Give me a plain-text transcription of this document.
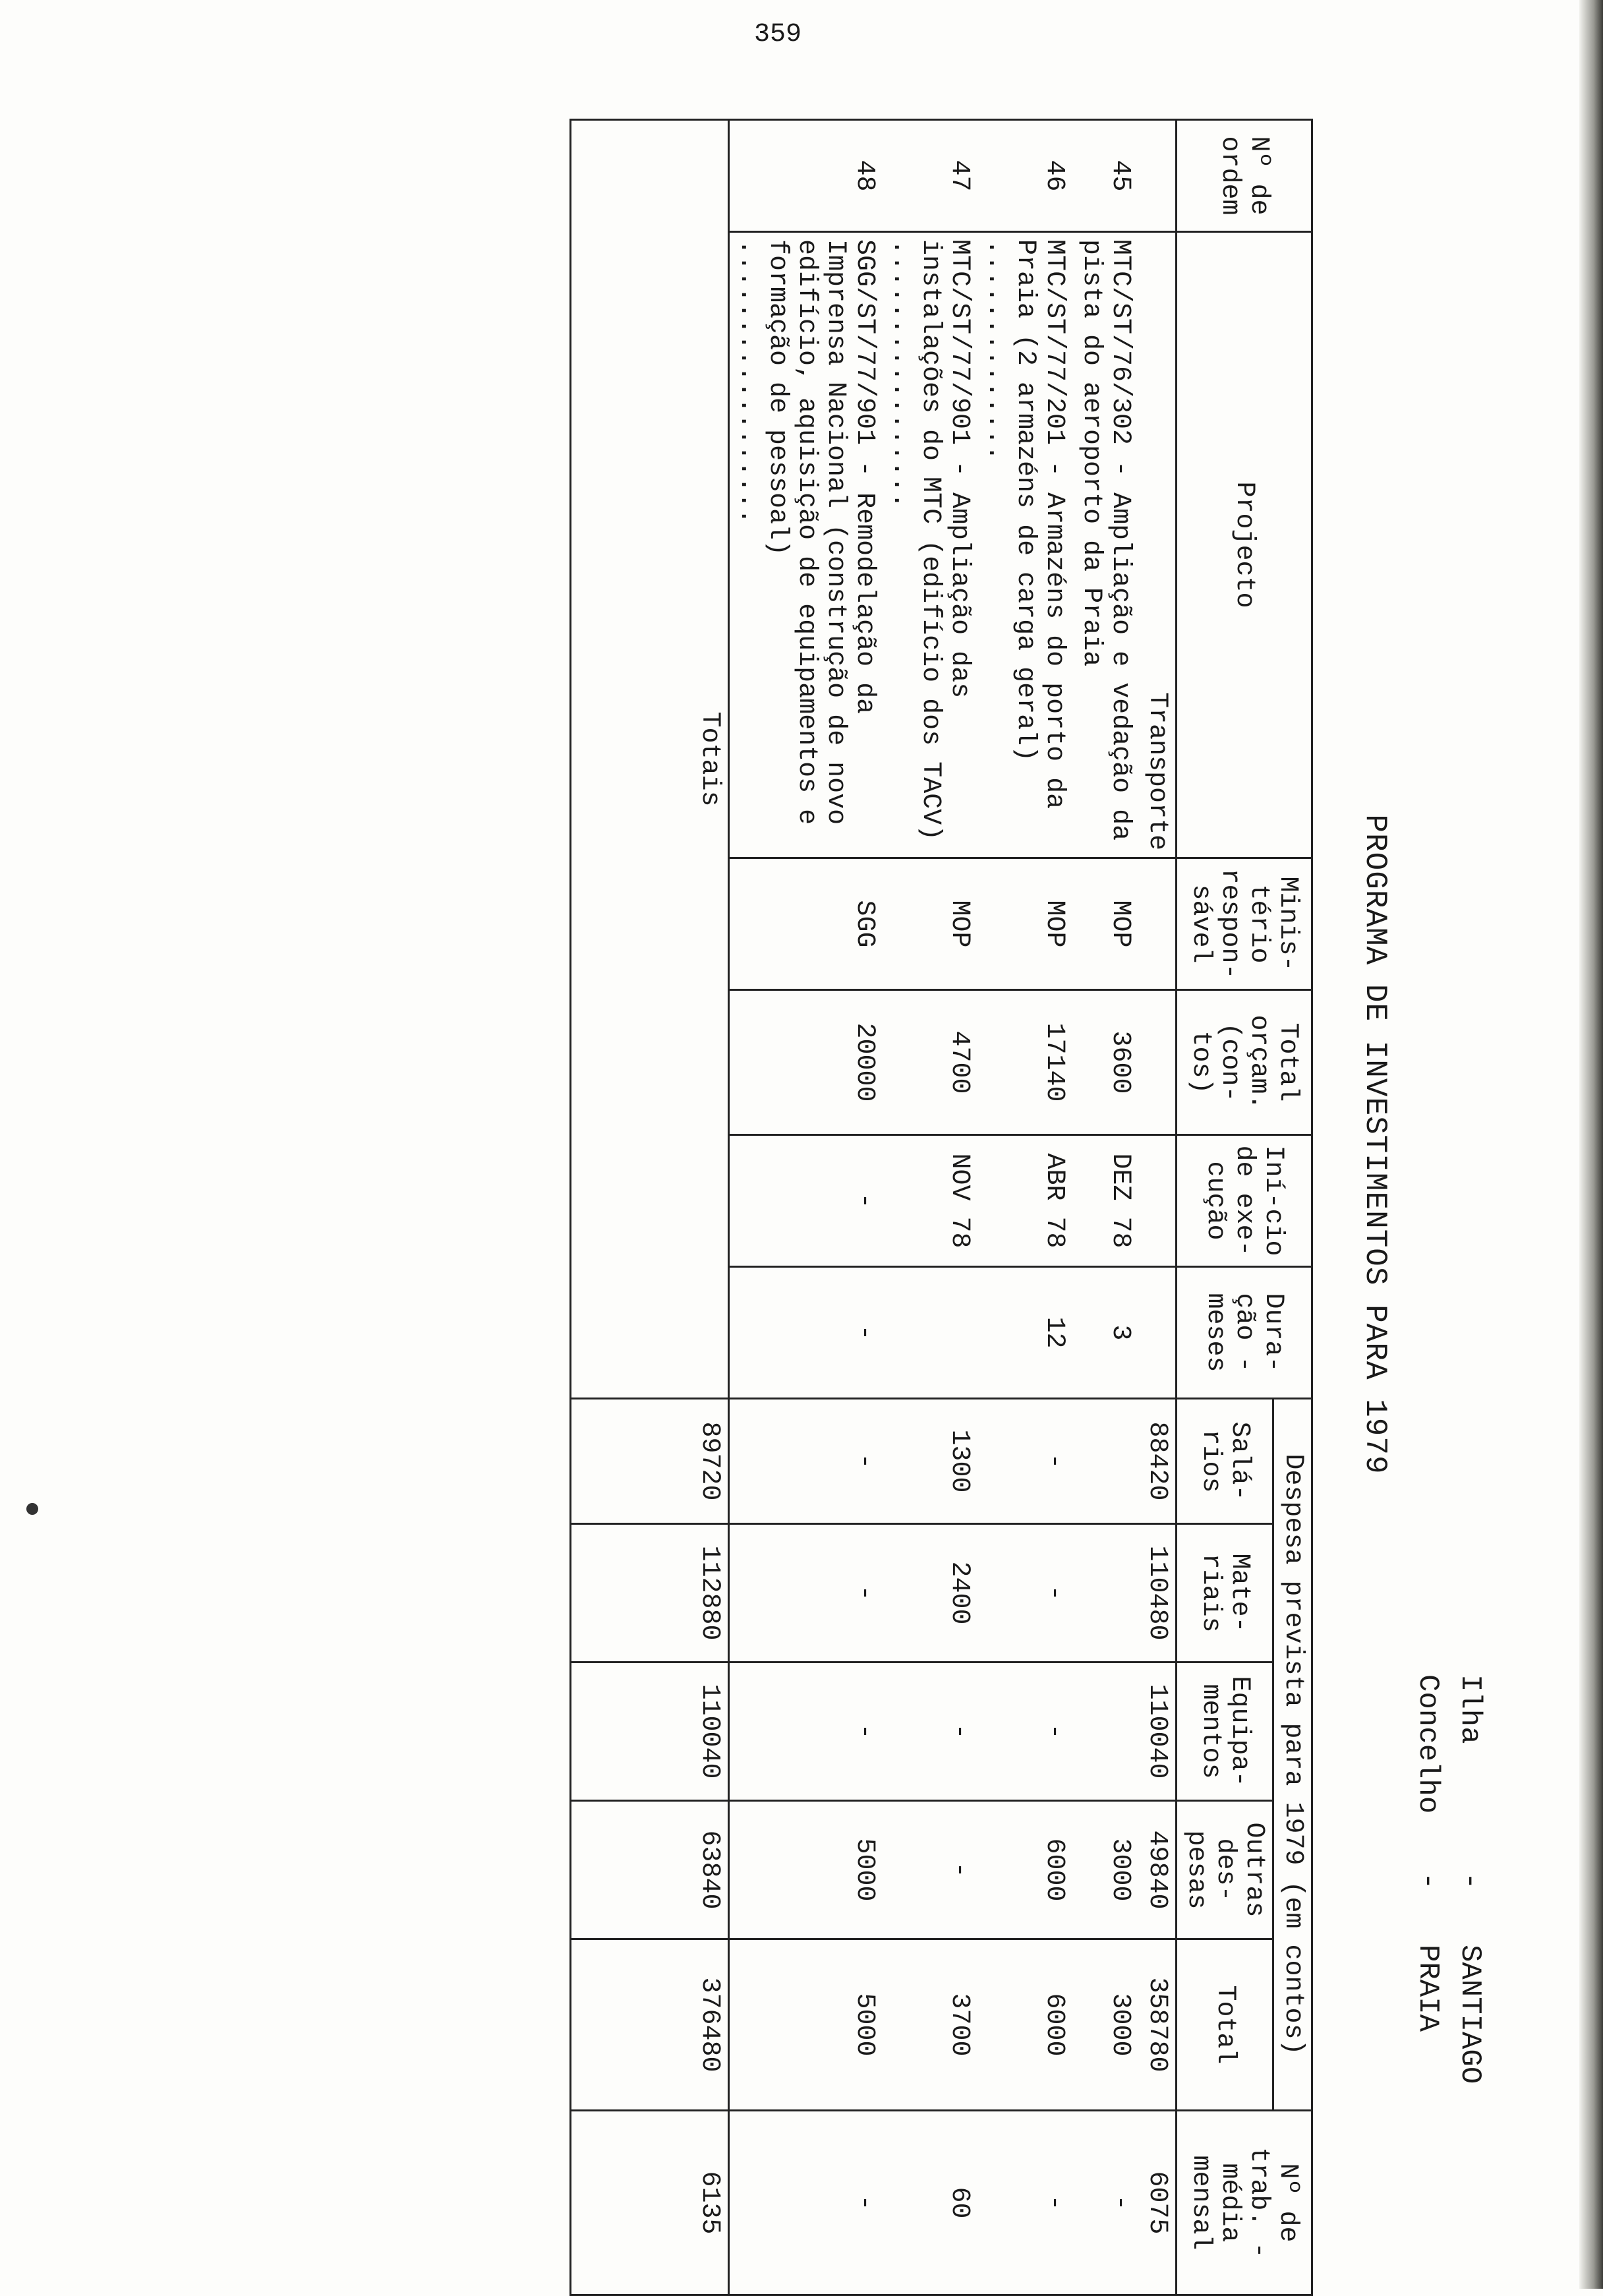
359
PROGRAMA DE INVESTIMENTOS PARA 1979
Ilha
-
SANTIAGO
Concelho
-
PRAIA
Nº de ordem	Projecto	Minis-tério respon-sável	Total orçam. (con-tos)	Iní-cio de exe-cução	Dura-ção -meses	Despesa prevista para 1979 (em contos)					Nº de trab. -média mensal
						Salá-rios	Mate-riais	Equipa-mentos	Outras des-pesas	Total	
	Transporte					88420	110480	110040	49840	358780	6075
45	MTC/ST/76/302 - Ampliação e vedação da pista do aeroporto da Praia	MOP	3600	DEZ 78	3				3000	3000	-
46	MTC/ST/77/201 - Armazéns do porto da Praia (2 armazéns de carga geral) ..............	MOP	17140	ABR 78	12	-	-	-	6000	6000	-
47	MTC/ST/77/901 - Ampliação das instalações do MTC (edifício dos TACV) .................	MOP	4700	NOV 78		1300	2400	-	-	3700	60
48	SGG/ST/77/901 - Remodelação da Imprensa Nacional (construção de novo edifício, aquisição de equipamentos e formação de pessoal) ..................	SGG	20000	-	-	-	-	-	5000	5000	-
Totais						89720	112880	110040	63840	376480	6135
